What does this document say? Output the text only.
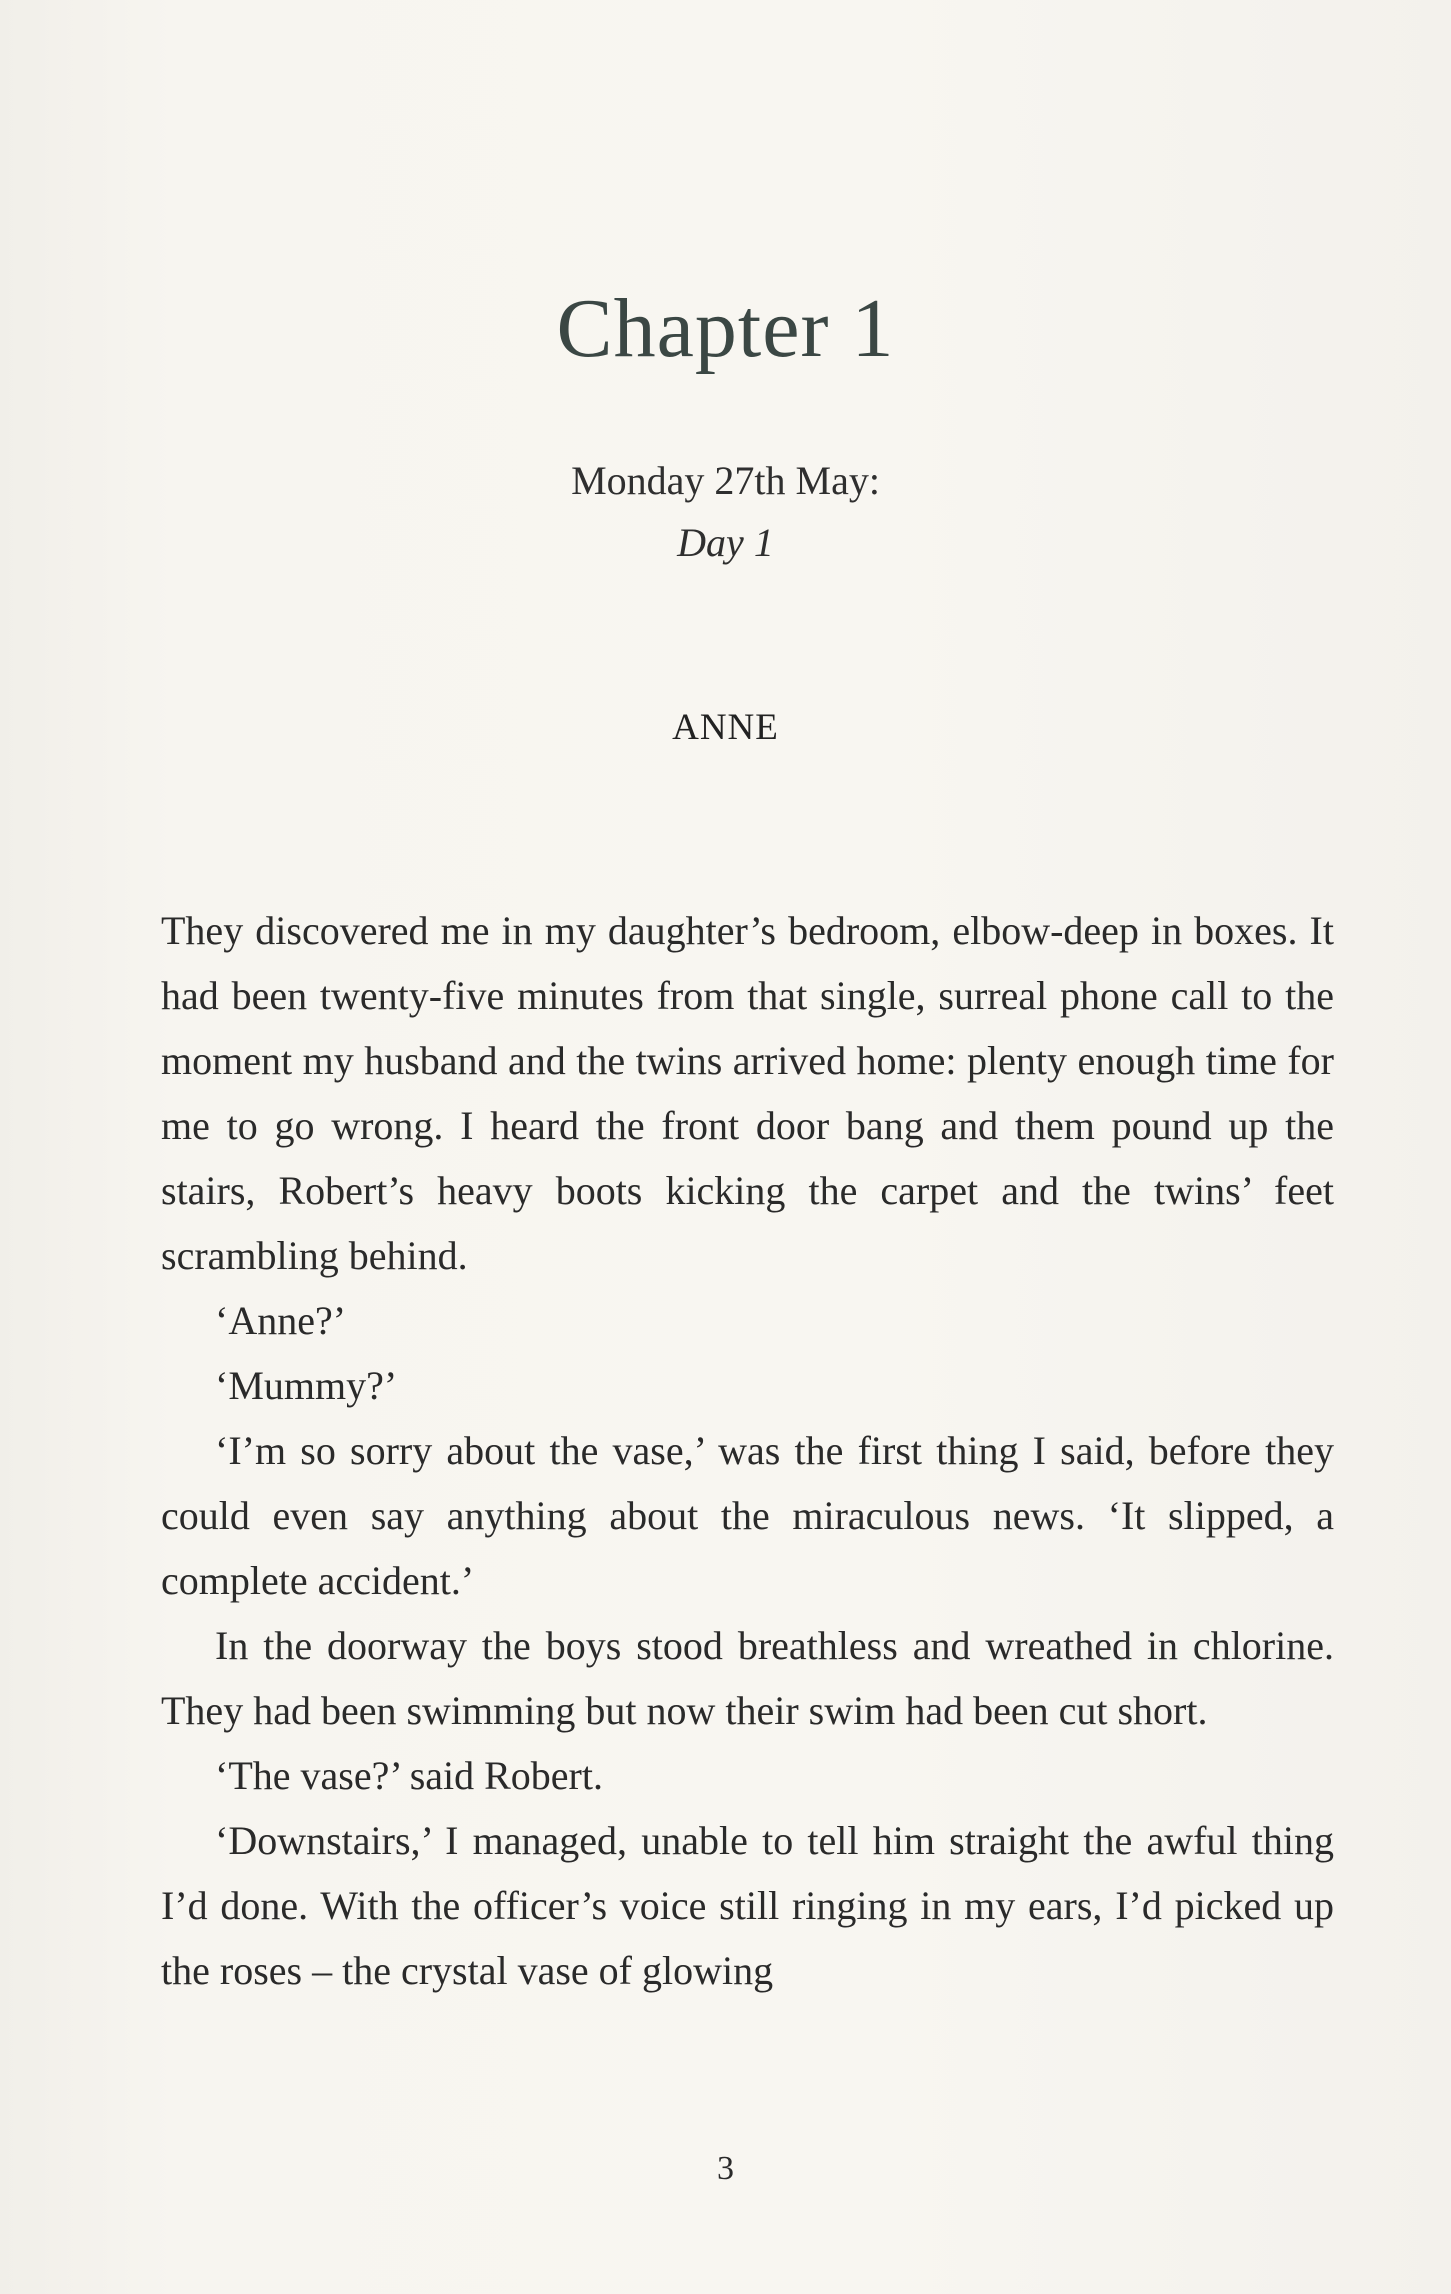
Chapter 1
Monday 27th May:
Day 1
ANNE

They discovered me in my daughter’s bedroom, elbow-deep in boxes. It had been twenty-five minutes from that single, surreal phone call to the moment my husband and the twins arrived home: plenty enough time for me to go wrong. I heard the front door bang and them pound up the stairs, Robert’s heavy boots kicking the carpet and the twins’ feet scrambling behind.

‘Anne?’

‘Mummy?’

‘I’m so sorry about the vase,’ was the first thing I said, before they could even say anything about the miraculous news. ‘It slipped, a complete accident.’

In the doorway the boys stood breathless and wreathed in chlorine. They had been swimming but now their swim had been cut short.

‘The vase?’ said Robert.

‘Downstairs,’ I managed, unable to tell him straight the awful thing I’d done. With the officer’s voice still ringing in my ears, I’d picked up the roses – the crystal vase of glowing

3
